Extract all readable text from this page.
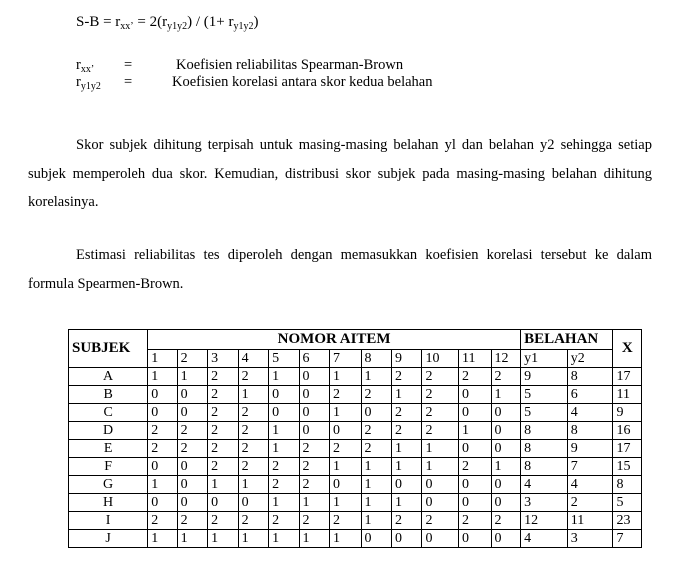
$S-B = r_{xx’} = 2(r_{y1y2}) / (1+ r_{y1y2})$
$r_{xx’}$ =	Koefisien reliabilitas Spearman-Brown
$r_{y1y2}$ =	Koefisien korelasi antara skor kedua belahan

Skor subjek dihitung terpisah untuk masing-masing belahan yl dan belahan y2 sehingga setiap subjek memperoleh dua skor. Kemudian, distribusi skor subjek pada masing-masing belahan dihitung korelasinya.

Estimasi reliabilitas tes diperoleh dengan memasukkan koefisien korelasi tersebut ke dalam formula Spearmen-Brown.

SUBJEK	NOMOR AITEM												BELAHAN		X
	1	2	3	4	5	6	7	8	9	10	11	12	y1	y2	
A	1	1	2	2	1	0	1	1	2	2	2	2	9	8	17
B	0	0	2	1	0	0	2	2	1	2	0	1	5	6	11
C	0	0	2	2	0	0	1	0	2	2	0	0	5	4	9
D	2	2	2	2	1	0	0	2	2	2	1	0	8	8	16
E	2	2	2	2	1	2	2	2	1	1	0	0	8	9	17
F	0	0	2	2	2	2	1	1	1	1	2	1	8	7	15
G	1	0	1	1	2	2	0	1	0	0	0	0	4	4	8
H	0	0	0	0	1	1	1	1	1	0	0	0	3	2	5
I	2	2	2	2	2	2	2	1	2	2	2	2	12	11	23
J	1	1	1	1	1	1	1	0	0	0	0	0	4	3	7
